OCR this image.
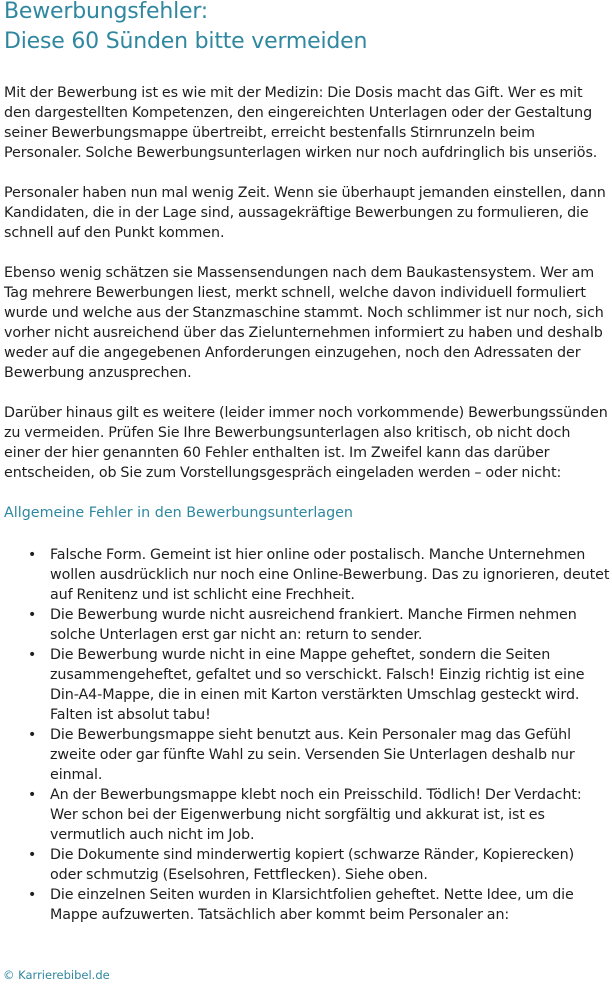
Bewerbungsfehler:
Diese 60 Sünden bitte vermeiden

Mit der Bewerbung ist es wie mit der Medizin: Die Dosis macht das Gift. Wer es mit den dargestellten Kompetenzen, den eingereichten Unterlagen oder der Gestaltung seiner Bewerbungsmappe übertreibt, erreicht bestenfalls Stirnrunzeln beim Personaler. Solche Bewerbungsunterlagen wirken nur noch aufdringlich bis unseriös.

Personaler haben nun mal wenig Zeit. Wenn sie überhaupt jemanden einstellen, dann Kandidaten, die in der Lage sind, aussagekräftige Bewerbungen zu formulieren, die schnell auf den Punkt kommen.

Ebenso wenig schätzen sie Massensendungen nach dem Baukastensystem. Wer am Tag mehrere Bewerbungen liest, merkt schnell, welche davon individuell formuliert wurde und welche aus der Stanzmaschine stammt. Noch schlimmer ist nur noch, sich vorher nicht ausreichend über das Zielunternehmen informiert zu haben und deshalb weder auf die angegebenen Anforderungen einzugehen, noch den Adressaten der Bewerbung anzusprechen.

Darüber hinaus gilt es weitere (leider immer noch vorkommende) Bewerbungssünden zu vermeiden. Prüfen Sie Ihre Bewerbungsunterlagen also kritisch, ob nicht doch einer der hier genannten 60 Fehler enthalten ist. Im Zweifel kann das darüber entscheiden, ob Sie zum Vorstellungsgespräch eingeladen werden – oder nicht:

Allgemeine Fehler in den Bewerbungsunterlagen
• Falsche Form. Gemeint ist hier online oder postalisch. Manche Unternehmen wollen ausdrücklich nur noch eine Online-Bewerbung. Das zu ignorieren, deutet auf Renitenz und ist schlicht eine Frechheit.
• Die Bewerbung wurde nicht ausreichend frankiert. Manche Firmen nehmen solche Unterlagen erst gar nicht an: return to sender.
• Die Bewerbung wurde nicht in eine Mappe geheftet, sondern die Seiten zusammengeheftet, gefaltet und so verschickt. Falsch! Einzig richtig ist eine Din-A4-Mappe, die in einen mit Karton verstärkten Umschlag gesteckt wird. Falten ist absolut tabu!
• Die Bewerbungsmappe sieht benutzt aus. Kein Personaler mag das Gefühl zweite oder gar fünfte Wahl zu sein. Versenden Sie Unterlagen deshalb nur einmal.
• An der Bewerbungsmappe klebt noch ein Preisschild. Tödlich! Der Verdacht: Wer schon bei der Eigenwerbung nicht sorgfältig und akkurat ist, ist es vermutlich auch nicht im Job.
• Die Dokumente sind minderwertig kopiert (schwarze Ränder, Kopierecken) oder schmutzig (Eselsohren, Fettflecken). Siehe oben.
• Die einzelnen Seiten wurden in Klarsichtfolien geheftet. Nette Idee, um die Mappe aufzuwerten. Tatsächlich aber kommt beim Personaler an:
© Karrierebibel.de
